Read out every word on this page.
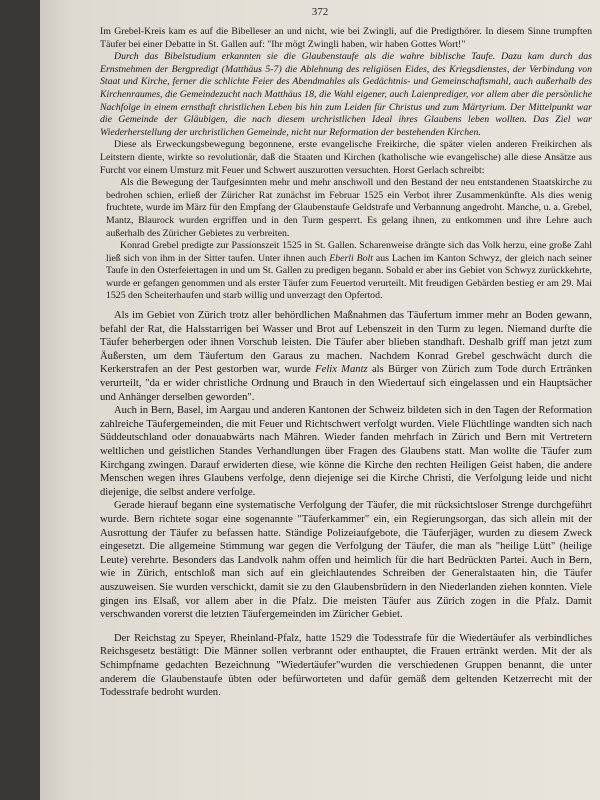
372

Im Grebel-Kreis kam es auf die Bibelleser an und nicht, wie bei Zwingli, auf die Predigthörer. In diesem Sinne trumpften Täufer bei einer Debatte in St. Gallen auf: "Ihr mögt Zwingli haben, wir haben Gottes Wort!"

Durch das Bibelstudium erkannten sie die Glaubenstaufe als die wahre biblische Taufe. Dazu kam durch das Ernstnehmen der Bergpredigt (Matthäus 5-7) die Ablehnung des religiösen Eides, des Kriegsdienstes, der Verbindung von Staat und Kirche, ferner die schlichte Feier des Abendmahles als Gedächtnis- und Gemeinschaftsmahl, auch außerhalb des Kirchenraumes, die Gemeindezucht nach Matthäus 18, die Wahl eigener, auch Laienprediger, vor allem aber die persönliche Nachfolge in einem ernsthaft christlichen Leben bis hin zum Leiden für Christus und zum Märtyrium. Der Mittelpunkt war die Gemeinde der Gläubigen, die nach diesem urchristlichen Ideal ihres Glaubens leben wollten. Das Ziel war Wiederherstellung der urchristlichen Gemeinde, nicht nur Reformation der bestehenden Kirchen.

Diese als Erweckungsbewegung begonnene, erste evangelische Freikirche, die später vielen anderen Freikirchen als Leitstern diente, wirkte so revolutionär, daß die Staaten und Kirchen (katholische wie evangelische) alle diese Ansätze aus Furcht vor einem Umsturz mit Feuer und Schwert auszurotten versuchten. Horst Gerlach schreibt:

Als die Bewegung der Taufgesinnten mehr und mehr anschwoll und den Bestand der neu entstandenen Staatskirche zu bedrohen schien, erließ der Züricher Rat zunächst im Februar 1525 ein Verbot ihrer Zusammenkünfte. Als dies wenig fruchtete, wurde im März für den Empfang der Glaubenstaufe Geldstrafe und Verbannung angedroht. Manche, u. a. Grebel, Mantz, Blaurock wurden ergriffen und in den Turm gesperrt. Es gelang ihnen, zu entkommen und ihre Lehre auch außerhalb des Züricher Gebietes zu verbreiten.

Konrad Grebel predigte zur Passionszeit 1525 in St. Gallen. Scharenweise drängte sich das Volk herzu, eine große Zahl ließ sich von ihm in der Sitter taufen. Unter ihnen auch Eberli Bolt aus Lachen im Kanton Schwyz, der gleich nach seiner Taufe in den Osterfeiertagen in und um St. Gallen zu predigen begann. Sobald er aber ins Gebiet von Schwyz zurückkehrte, wurde er gefangen genommen und als erster Täufer zum Feuertod verurteilt. Mit freudigen Gebärden bestieg er am 29. Mai 1525 den Scheiterhaufen und starb willig und unverzagt den Opfertod.

Als im Gebiet von Zürich trotz aller behördlichen Maßnahmen das Täufertum immer mehr an Boden gewann, befahl der Rat, die Halsstarrigen bei Wasser und Brot auf Lebenszeit in den Turm zu legen. Niemand durfte die Täufer beherbergen oder ihnen Vorschub leisten. Die Täufer aber blieben standhaft. Deshalb griff man jetzt zum Äußersten, um dem Täufertum den Garaus zu machen. Nachdem Konrad Grebel geschwächt durch die Kerkerstrafen an der Pest gestorben war, wurde Felix Mantz als Bürger von Zürich zum Tode durch Ertränken verurteilt, "da er wider christliche Ordnung und Brauch in den Wiedertauf sich eingelassen und ein Hauptsächer und Anhänger derselben geworden".

Auch in Bern, Basel, im Aargau und anderen Kantonen der Schweiz bildeten sich in den Tagen der Reformation zahlreiche Täufergemeinden, die mit Feuer und Richtschwert verfolgt wurden. Viele Flüchtlinge wandten sich nach Süddeutschland oder donauabwärts nach Mähren. Wieder fanden mehrfach in Zürich und Bern mit Vertretern weltlichen und geistlichen Standes Verhandlungen über Fragen des Glaubens statt. Man wollte die Täufer zum Kirchgang zwingen. Darauf erwiderten diese, wie könne die Kirche den rechten Heiligen Geist haben, die andere Menschen wegen ihres Glaubens verfolge, denn diejenige sei die Kirche Christi, die Verfolgung leide und nicht diejenige, die selbst andere verfolge.

Gerade hierauf begann eine systematische Verfolgung der Täufer, die mit rücksichtsloser Strenge durchgeführt wurde. Bern richtete sogar eine sogenannte "Täuferkammer" ein, ein Regierungsorgan, das sich allein mit der Ausrottung der Täufer zu befassen hatte. Ständige Polizeiaufgebote, die Täuferjäger, wurden zu diesem Zweck eingesetzt. Die allgemeine Stimmung war gegen die Verfolgung der Täufer, die man als "heilige Lütt" (heilige Leute) verehrte. Besonders das Landvolk nahm offen und heimlich für die hart Bedrückten Partei. Auch in Bern, wie in Zürich, entschloß man sich auf ein gleichlautendes Schreiben der Generalstaaten hin, die Täufer auszuweisen. Sie wurden verschickt, damit sie zu den Glaubensbrüdern in den Niederlanden ziehen konnten. Viele gingen ins Elsaß, vor allem aber in die Pfalz. Die meisten Täufer aus Zürich zogen in die Pfalz. Damit verschwanden vorerst die letzten Täufergemeinden im Züricher Gebiet.

Der Reichstag zu Speyer, Rheinland-Pfalz, hatte 1529 die Todesstrafe für die Wiedertäufer als verbindliches Reichsgesetz bestätigt: Die Männer sollen verbrannt oder enthauptet, die Frauen ertränkt werden. Mit der als Schimpfname gedachten Bezeichnung "Wiedertäufer"wurden die verschiedenen Gruppen benannt, die unter anderem die Glaubenstaufe übten oder befürworteten und dafür gemäß dem geltenden Ketzerrecht mit der Todesstrafe bedroht wurden.
